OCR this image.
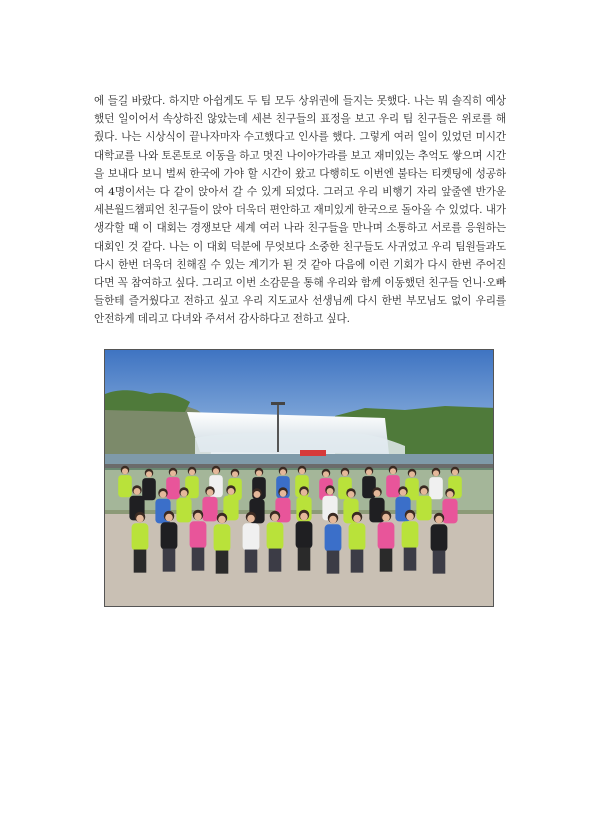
에 들길 바랐다. 하지만 아쉽게도 두 팀 모두 상위권에 들지는 못했다. 나는 뭐 솔직히 예상했던 일이어서 속상하진 않았는데 세븐 친구들의 표정을 보고 우리 팀 친구들은 위로를 해 줬다. 나는 시상식이 끝나자마자 수고했다고 인사를 했다. 그렇게 여러 일이 있었던 미시간 대학교를 나와 토론토로 이동을 하고 멋진 나이아가라를 보고 재미있는 추억도 쌓으며 시간을 보내다 보니 벌써 한국에 가야 할 시간이 왔고 다행히도 이번엔 불타는 티켓팅에 성공하여 4명이서는 다 같이 앉아서 갈 수 있게 되었다. 그러고 우리 비행기 자리 앞줄엔 반가운 세븐월드챔피언 친구들이 앉아 더욱더 편안하고 재미있게 한국으로 돌아올 수 있었다. 내가 생각할 때 이 대회는 경쟁보단 세계 여러 나라 친구들을 만나며 소통하고 서로를 응원하는 대회인 것 같다. 나는 이 대회 덕분에 무엇보다 소중한 친구들도 사귀었고 우리 팀원들과도 다시 한번 더욱더 친해질 수 있는 계기가 된 것 같아 다음에 이런 기회가 다시 한번 주어진다면 꼭 참여하고 싶다. 그리고 이번 소감문을 통해 우리와 함께 이동했던 친구들 언니·오빠들한테 즐거웠다고 전하고 싶고 우리 지도교사 선생님께 다시 한번 부모님도 없이 우리를 안전하게 데리고 다녀와 주셔서 감사하다고 전하고 싶다.
